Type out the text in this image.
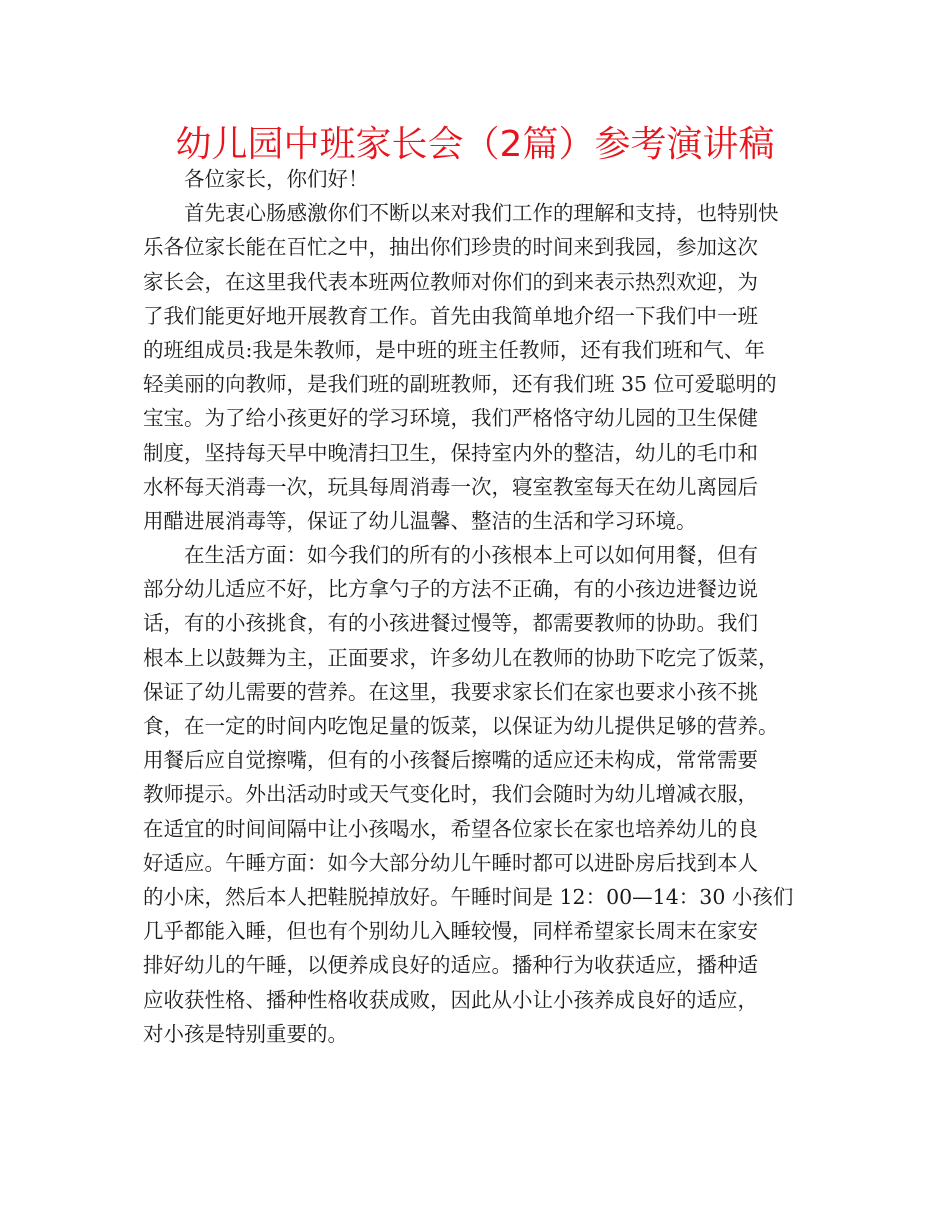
幼儿园中班家长会（2篇）参考演讲稿
各位家长，你们好！
首先衷心肠感激你们不断以来对我们工作的理解和支持，也特别快
乐各位家长能在百忙之中，抽出你们珍贵的时间来到我园，参加这次
家长会，在这里我代表本班两位教师对你们的到来表示热烈欢迎，为
了我们能更好地开展教育工作。首先由我简单地介绍一下我们中一班
的班组成员:我是朱教师，是中班的班主任教师，还有我们班和气、年
轻美丽的向教师，是我们班的副班教师，还有我们班 35 位可爱聪明的
宝宝。为了给小孩更好的学习环境，我们严格恪守幼儿园的卫生保健
制度，坚持每天早中晚清扫卫生，保持室内外的整洁，幼儿的毛巾和
水杯每天消毒一次，玩具每周消毒一次，寝室教室每天在幼儿离园后
用醋进展消毒等，保证了幼儿温馨、整洁的生活和学习环境。
在生活方面：如今我们的所有的小孩根本上可以如何用餐，但有
部分幼儿适应不好，比方拿勺子的方法不正确，有的小孩边进餐边说
话，有的小孩挑食，有的小孩进餐过慢等，都需要教师的协助。我们
根本上以鼓舞为主，正面要求，许多幼儿在教师的协助下吃完了饭菜，
保证了幼儿需要的营养。在这里，我要求家长们在家也要求小孩不挑
食，在一定的时间内吃饱足量的饭菜，以保证为幼儿提供足够的营养。
用餐后应自觉擦嘴，但有的小孩餐后擦嘴的适应还未构成，常常需要
教师提示。外出活动时或天气变化时，我们会随时为幼儿增减衣服，
在适宜的时间间隔中让小孩喝水，希望各位家长在家也培养幼儿的良
好适应。午睡方面：如今大部分幼儿午睡时都可以进卧房后找到本人
的小床，然后本人把鞋脱掉放好。午睡时间是 12：00—14：30 小孩们
几乎都能入睡，但也有个别幼儿入睡较慢，同样希望家长周末在家安
排好幼儿的午睡，以便养成良好的适应。播种行为收获适应，播种适
应收获性格、播种性格收获成败，因此从小让小孩养成良好的适应，
对小孩是特别重要的。
